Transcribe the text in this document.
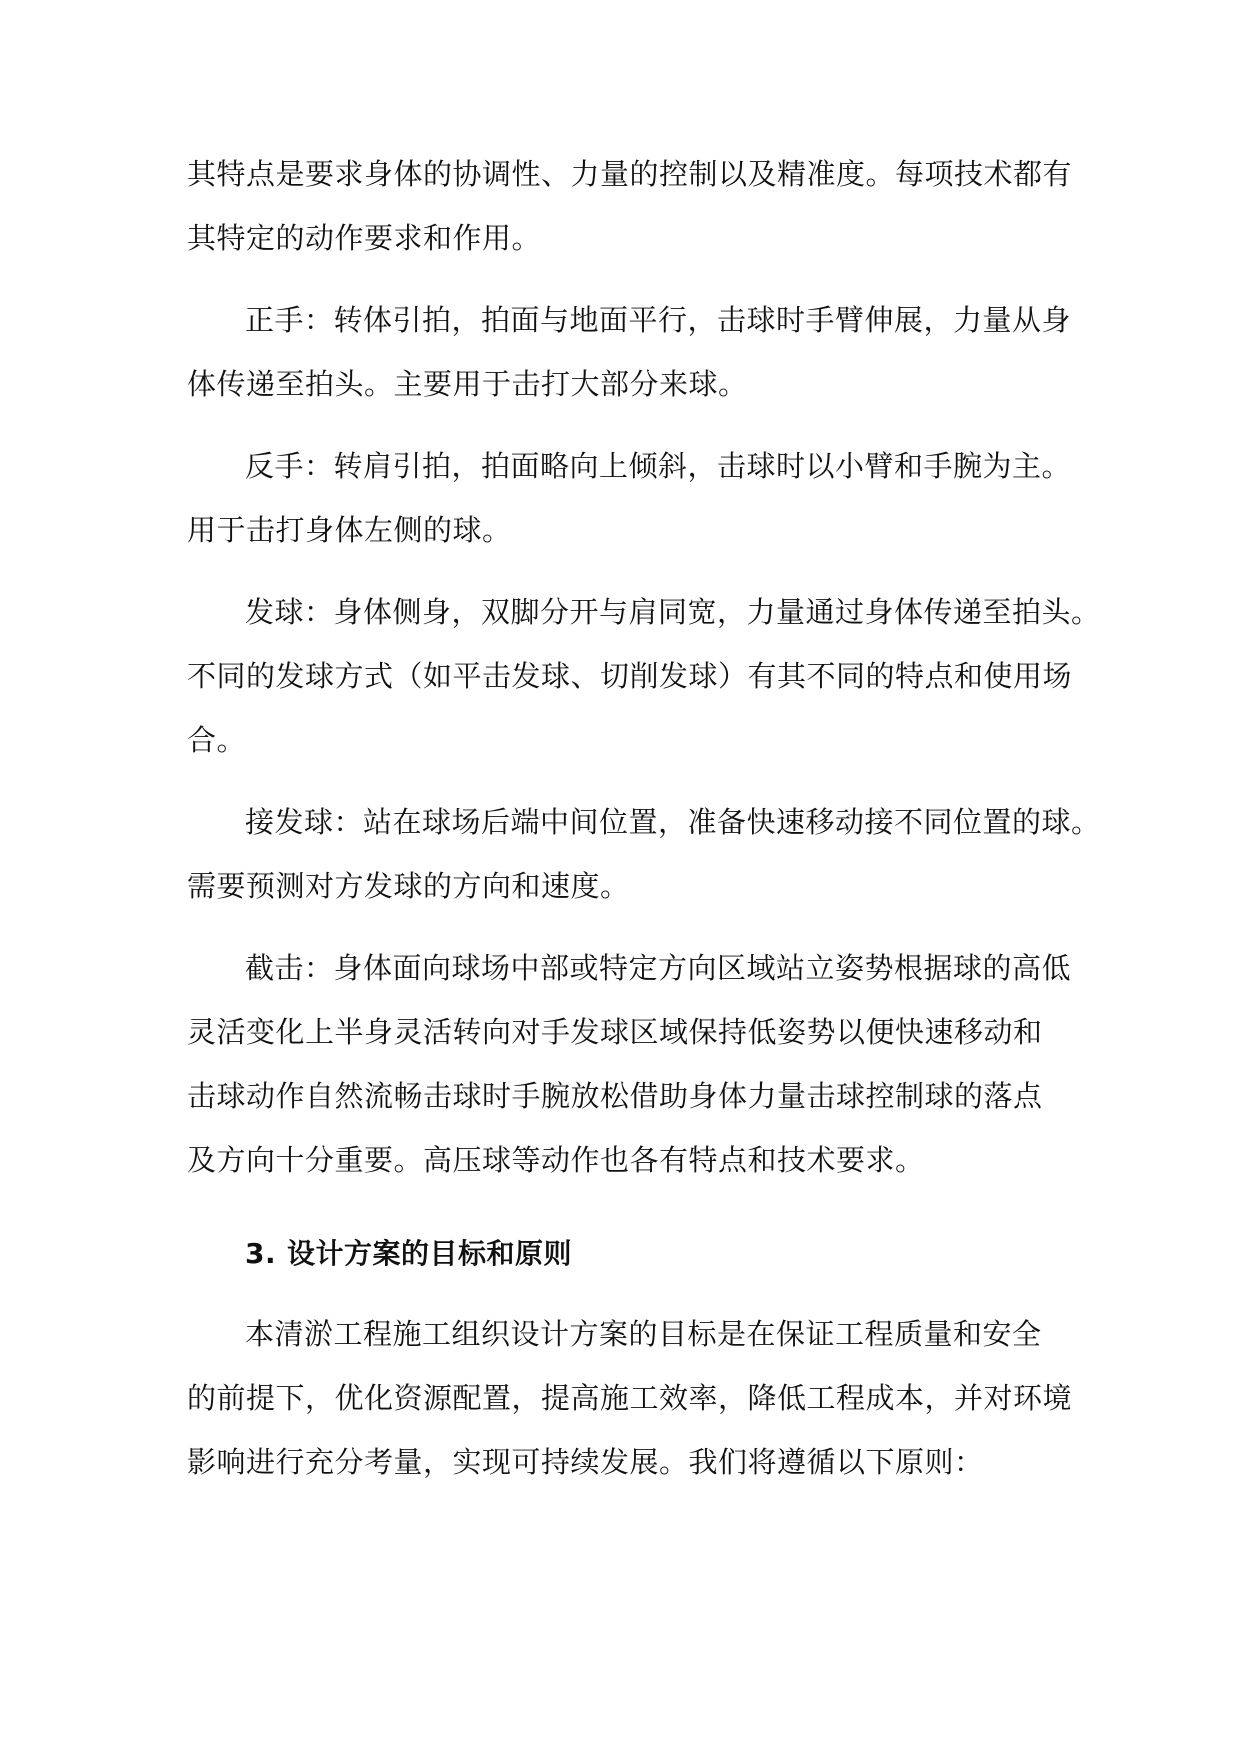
其特点是要求身体的协调性、力量的控制以及精准度。每项技术都有
其特定的动作要求和作用。
正手：转体引拍，拍面与地面平行，击球时手臂伸展，力量从身
体传递至拍头。主要用于击打大部分来球。
反手：转肩引拍，拍面略向上倾斜，击球时以小臂和手腕为主。
用于击打身体左侧的球。
发球：身体侧身，双脚分开与肩同宽，力量通过身体传递至拍头。
不同的发球方式（如平击发球、切削发球）有其不同的特点和使用场
合。
接发球：站在球场后端中间位置，准备快速移动接不同位置的球。
需要预测对方发球的方向和速度。
截击：身体面向球场中部或特定方向区域站立姿势根据球的高低
灵活变化上半身灵活转向对手发球区域保持低姿势以便快速移动和
击球动作自然流畅击球时手腕放松借助身体力量击球控制球的落点
及方向十分重要。高压球等动作也各有特点和技术要求。
3. 设计方案的目标和原则
本清淤工程施工组织设计方案的目标是在保证工程质量和安全
的前提下，优化资源配置，提高施工效率，降低工程成本，并对环境
影响进行充分考量，实现可持续发展。我们将遵循以下原则：
